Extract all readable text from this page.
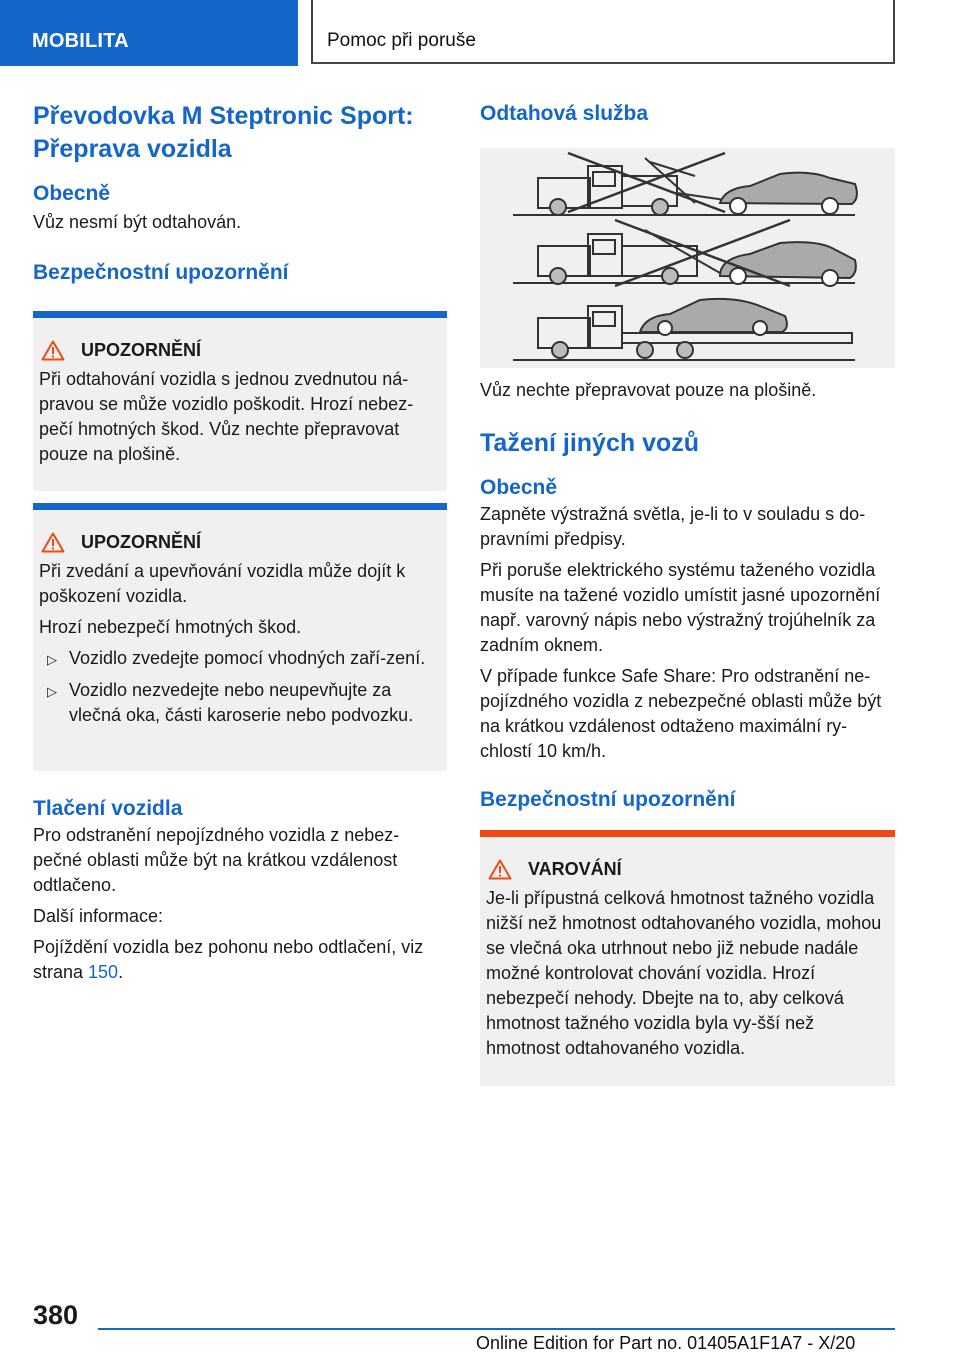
MOBILITA	Pomoc při poruše
Převodovka M Steptronic Sport: Přeprava vozidla
Obecně
Vůz nesmí být odtahován.
Bezpečnostní upozornění
UPOZORNĚNÍ
Při odtahování vozidla s jednou zvednutou ná-pravou se může vozidlo poškodit. Hrozí nebez-pečí hmotných škod. Vůz nechte přepravovat pouze na plošině.
UPOZORNĚNÍ
Při zvedání a upevňování vozidla může dojít k poškození vozidla.
Hrozí nebezpečí hmotných škod.
▷ Vozidlo zvedejte pomocí vhodných zaří-zení.
▷ Vozidlo nezvedejte nebo neupevňujte za vlečná oka, části karoserie nebo podvozku.
Tlačení vozidla
Pro odstranění nepojízdného vozidla z nebez-pečné oblasti může být na krátkou vzdálenost odtlačeno.
Další informace:
Pojíždění vozidla bez pohonu nebo odtlačení, viz strana 150.
Odtahová služba
Vůz nechte přepravovat pouze na plošině.
Tažení jiných vozů
Obecně
Zapněte výstražná světla, je-li to v souladu s do-pravními předpisy.
Při poruše elektrického systému taženého vozidla musíte na tažené vozidlo umístit jasné upozornění např. varovný nápis nebo výstražný trojúhelník za zadním oknem.
V případe funkce Safe Share: Pro odstranění ne-pojízdného vozidla z nebezpečné oblasti může být na krátkou vzdálenost odtaženo maximální ry-chlostí 10 km/h.
Bezpečnostní upozornění
VAROVÁNÍ
Je-li přípustná celková hmotnost tažného vozidla nižší než hmotnost odtahovaného vozidla, mohou se vlečná oka utrhnout nebo již nebude nadále možné kontrolovat chování vozidla. Hrozí nebezpečí nehody. Dbejte na to, aby celková hmotnost tažného vozidla byla vy-šší než hmotnost odtahovaného vozidla.
380
Online Edition for Part no. 01405A1F1A7 - X/20
